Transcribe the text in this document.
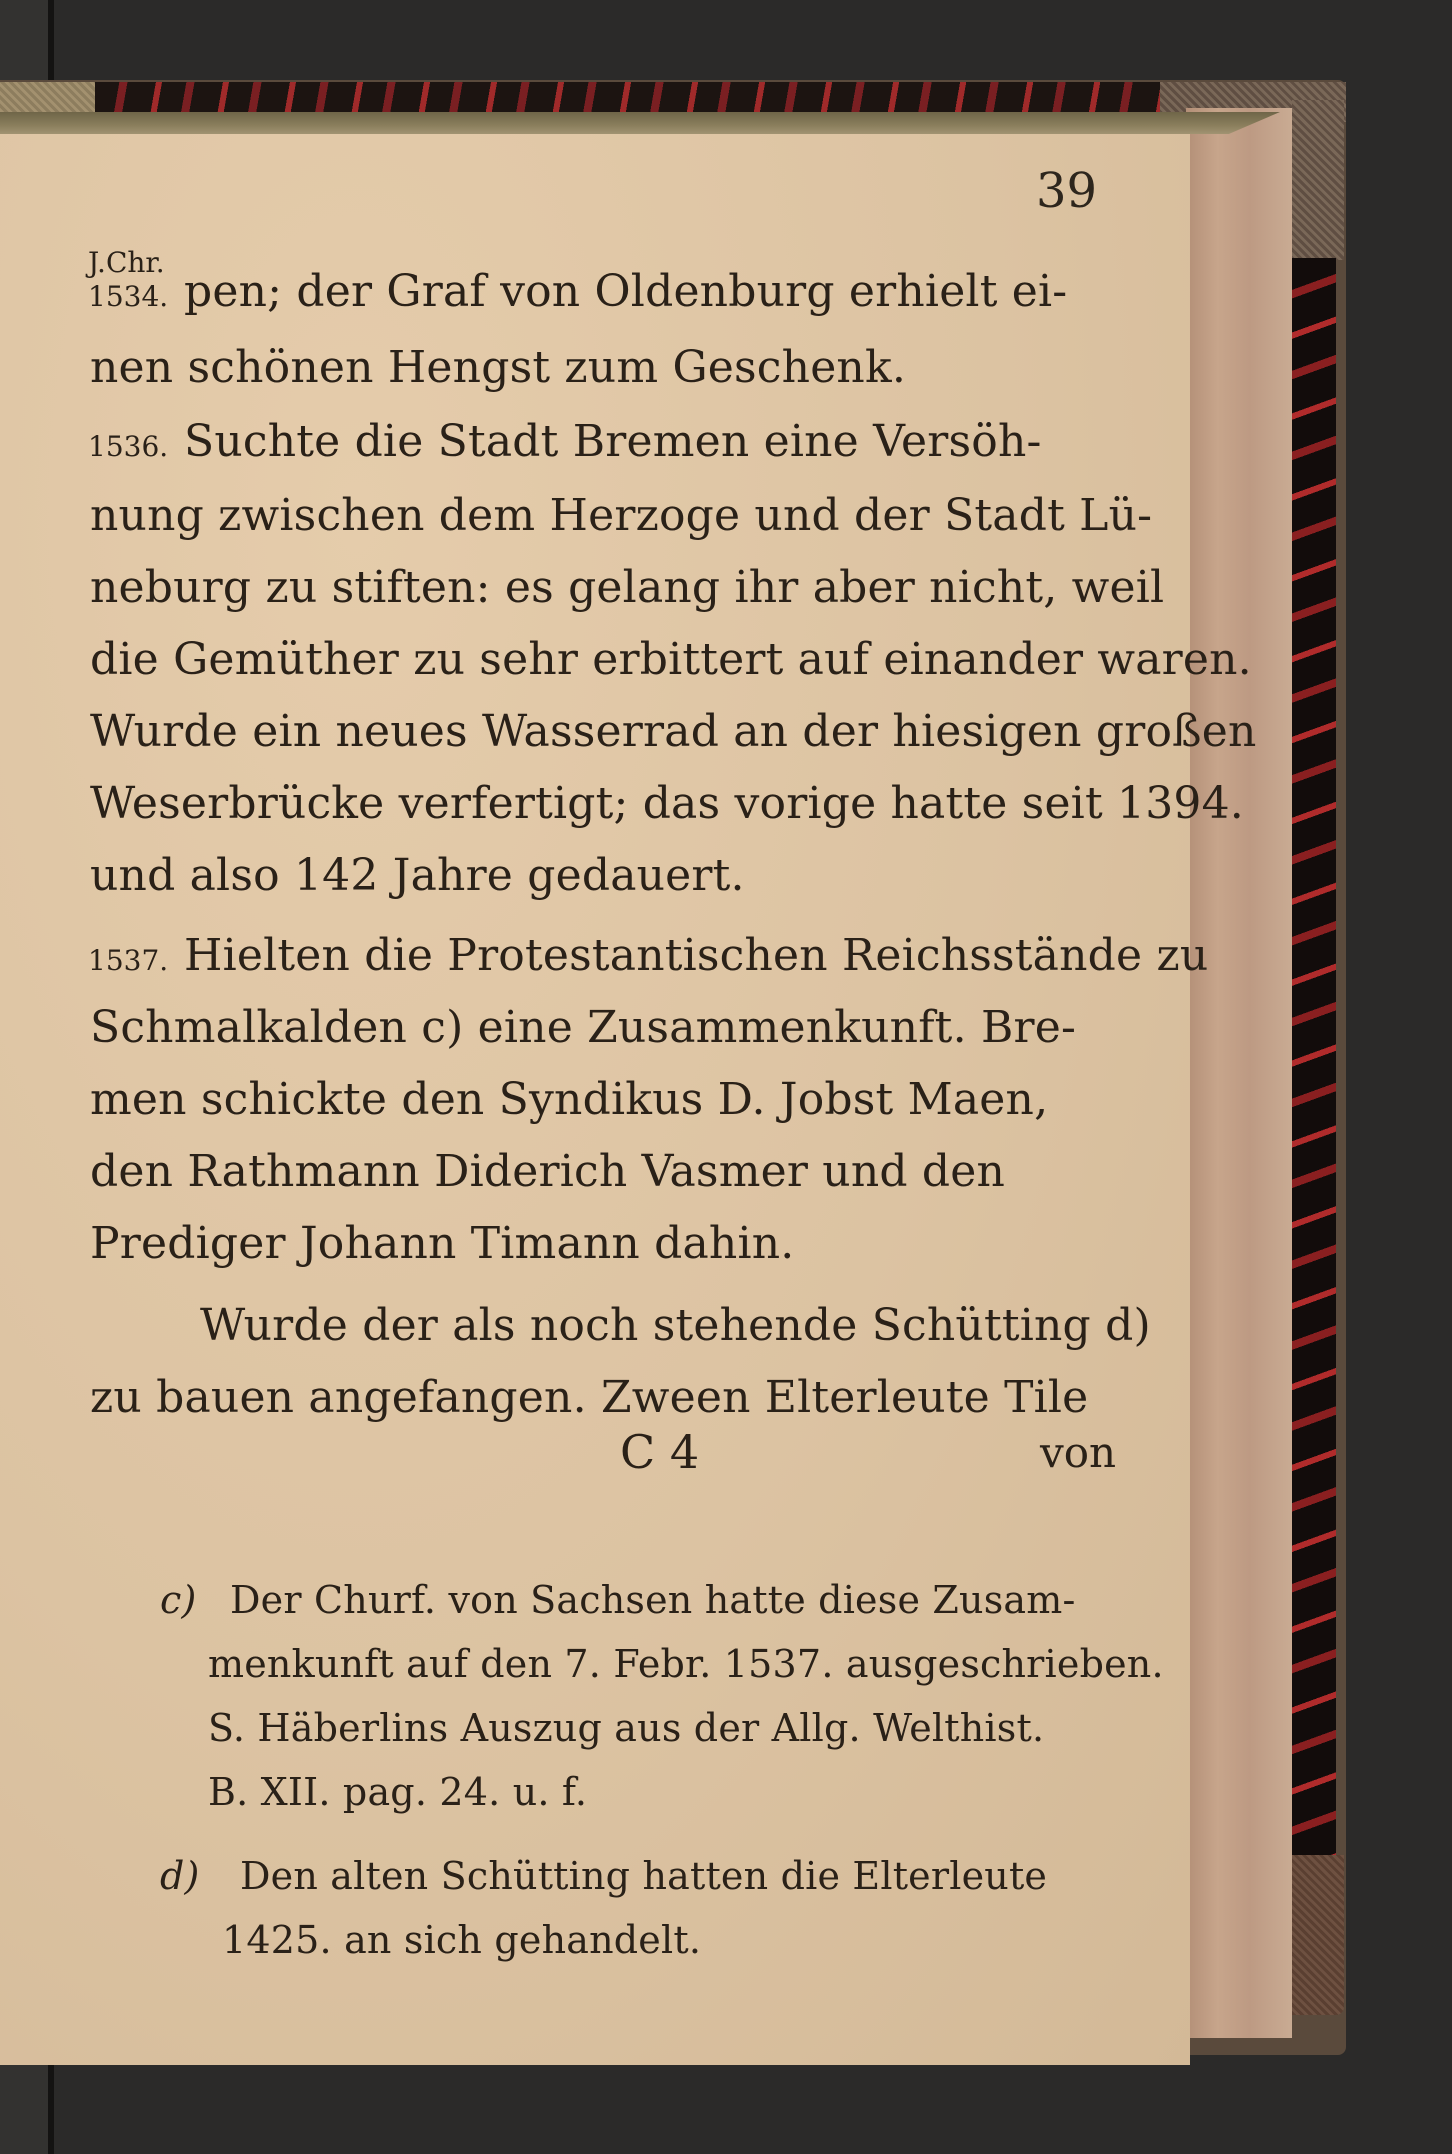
39
J.Chr.
1534. pen; der Graf von Oldenburg erhielt ei-
nen schönen Hengst zum Geschenk.
1536. Suchte die Stadt Bremen eine Versöh-
nung zwischen dem Herzoge und der Stadt Lü-
neburg zu stiften: es gelang ihr aber nicht, weil
die Gemüther zu sehr erbittert auf einander waren.
Wurde ein neues Wasserrad an der hiesigen großen
Weserbrücke verfertigt; das vorige hatte seit 1394.
und also 142 Jahre gedauert.
1537. Hielten die Protestantischen Reichsstände zu
Schmalkalden c) eine Zusammenkunft. Bre-
men schickte den Syndikus D. Jobst Maen,
den Rathmann Diderich Vasmer und den
Prediger Johann Timann dahin.
Wurde der als noch stehende Schütting d)
zu bauen angefangen. Zween Elterleute Tile
C 4	von
c) Der Churf. von Sachsen hatte diese Zusam-
menkunft auf den 7. Febr. 1537. ausgeschrieben.
S. Häberlins Auszug aus der Allg. Welthist.
B. XII. pag. 24. u. f.
d) Den alten Schütting hatten die Elterleute
1425. an sich gehandelt.
